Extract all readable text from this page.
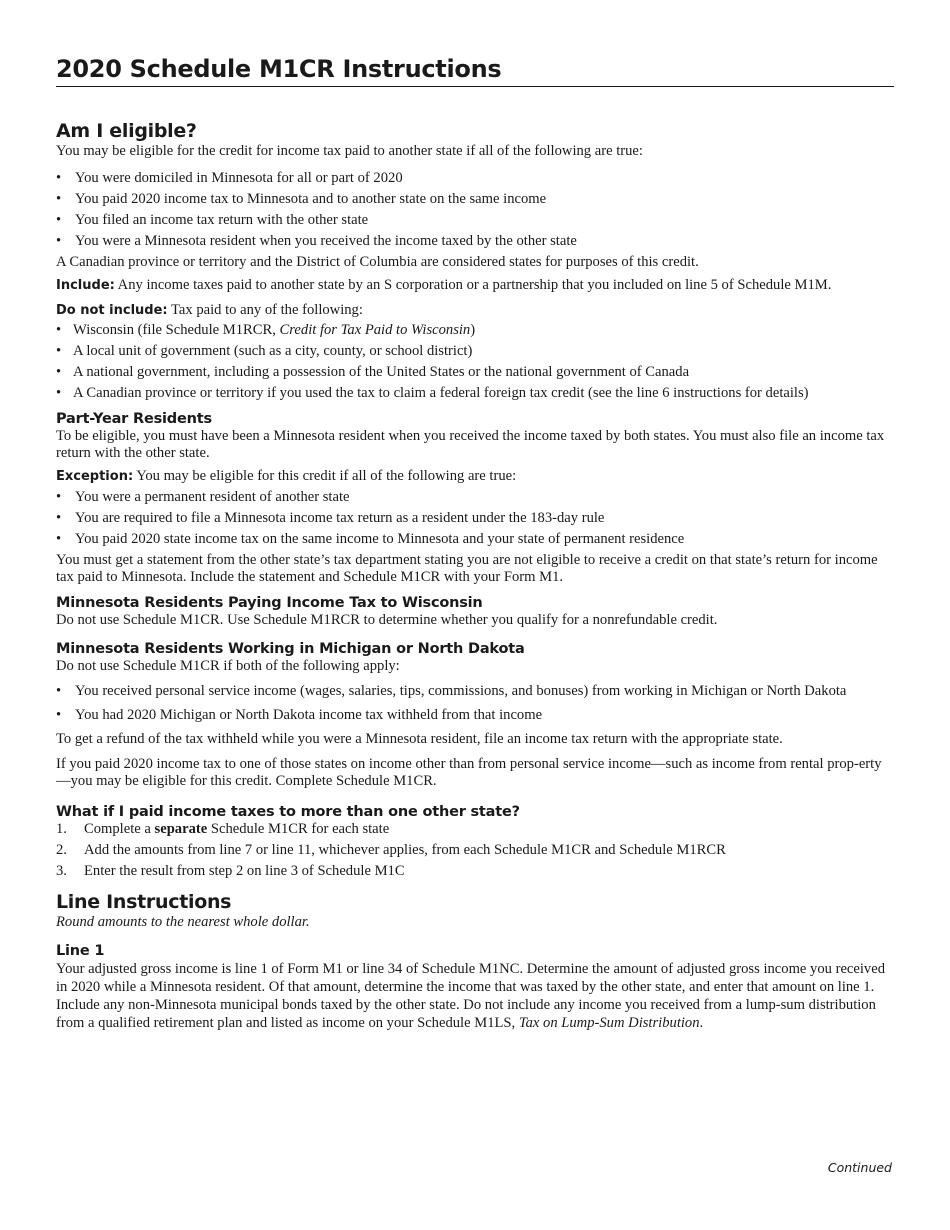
2020 Schedule M1CR Instructions
Am I eligible?

You may be eligible for the credit for income tax paid to another state if all of the following are true:

• You were domiciled in Minnesota for all or part of 2020
• You paid 2020 income tax to Minnesota and to another state on the same income
• You filed an income tax return with the other state
• You were a Minnesota resident when you received the income taxed by the other state

A Canadian province or territory and the District of Columbia are considered states for purposes of this credit.

Include: Any income taxes paid to another state by an S corporation or a partnership that you included on line 5 of Schedule M1M.

Do not include: Tax paid to any of the following:

• Wisconsin (file Schedule M1RCR, Credit for Tax Paid to Wisconsin)
• A local unit of government (such as a city, county, or school district)
• A national government, including a possession of the United States or the national government of Canada
• A Canadian province or territory if you used the tax to claim a federal foreign tax credit (see the line 6 instructions for details)
Part-Year Residents

To be eligible, you must have been a Minnesota resident when you received the income taxed by both states. You must also file an income tax return with the other state.

Exception: You may be eligible for this credit if all of the following are true:

• You were a permanent resident of another state
• You are required to file a Minnesota income tax return as a resident under the 183-day rule
• You paid 2020 state income tax on the same income to Minnesota and your state of permanent residence

You must get a statement from the other state’s tax department stating you are not eligible to receive a credit on that state’s return for income tax paid to Minnesota. Include the statement and Schedule M1CR with your Form M1.

Minnesota Residents Paying Income Tax to Wisconsin

Do not use Schedule M1CR. Use Schedule M1RCR to determine whether you qualify for a nonrefundable credit.

Minnesota Residents Working in Michigan or North Dakota

Do not use Schedule M1CR if both of the following apply:

• You received personal service income (wages, salaries, tips, commissions, and bonuses) from working in Michigan or North Dakota
• You had 2020 Michigan or North Dakota income tax withheld from that income

To get a refund of the tax withheld while you were a Minnesota resident, file an income tax return with the appropriate state.

If you paid 2020 income tax to one of those states on income other than from personal service income—such as income from rental prop-erty—you may be eligible for this credit. Complete Schedule M1CR.

What if I paid income taxes to more than one other state?
1. Complete a separate Schedule M1CR for each state
2. Add the amounts from line 7 or line 11, whichever applies, from each Schedule M1CR and Schedule M1RCR
3. Enter the result from step 2 on line 3 of Schedule M1C
Line Instructions

Round amounts to the nearest whole dollar.

Line 1

Your adjusted gross income is line 1 of Form M1 or line 34 of Schedule M1NC. Determine the amount of adjusted gross income you received in 2020 while a Minnesota resident. Of that amount, determine the income that was taxed by the other state, and enter that amount on line 1. Include any non-Minnesota municipal bonds taxed by the other state. Do not include any income you received from a lump-sum distribution from a qualified retirement plan and listed as income on your Schedule M1LS, Tax on Lump-Sum Distribution.

Continued
